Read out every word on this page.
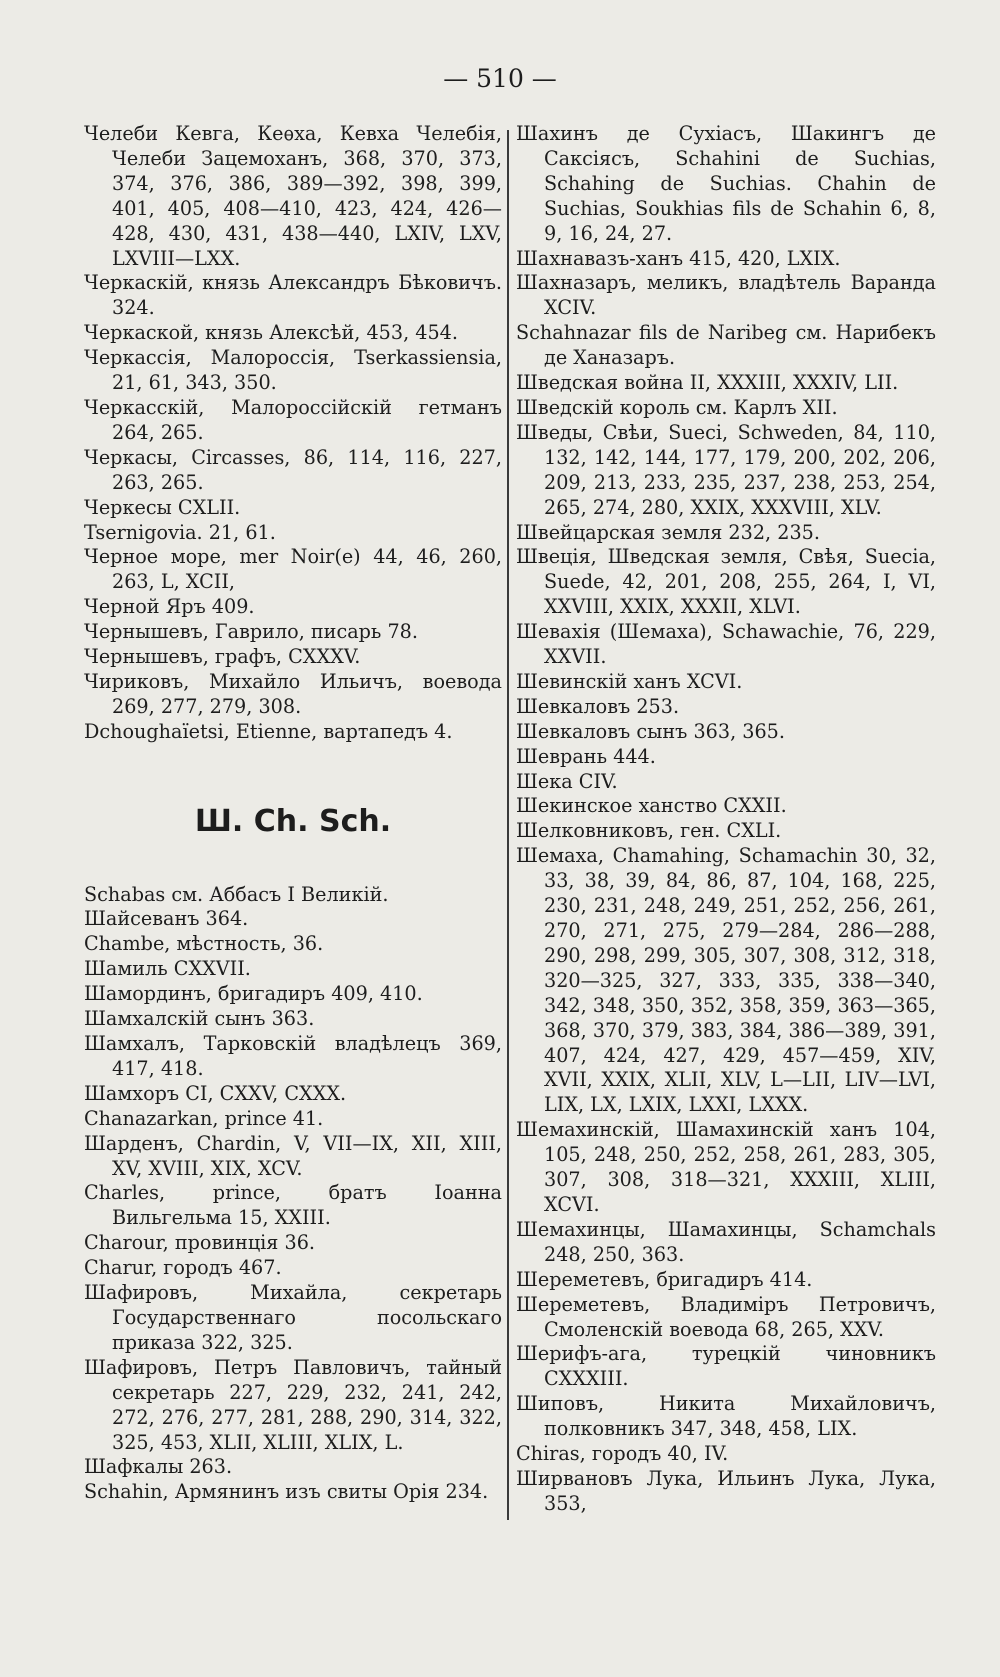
— 510 —
Челеби Кевга, Кеѳха, Кевха Челебія, Челеби Зацемоханъ, 368, 370, 373, 374, 376, 386, 389—392, 398, 399, 401, 405, 408—410, 423, 424, 426—428, 430, 431, 438—440, LXIV, LXV, LXVIII—LXX.
Черкаскій, князь Александръ Бѣковичъ. 324.
Черкаской, князь Алексѣй, 453, 454.
Черкассія, Малороссія, Tserkassiensia, 21, 61, 343, 350.
Черкасскій, Малороссійскій гетманъ 264, 265.
Черкасы, Circasses, 86, 114, 116, 227, 263, 265.
Черкесы CXLII.
Tsernigovia. 21, 61.
Черное море, mer Noir(e) 44, 46, 260, 263, L, XCII,
Черной Яръ 409.
Чернышевъ, Гаврило, писарь 78.
Чернышевъ, графъ, CXXXV.
Чириковъ, Михайло Ильичъ, воевода 269, 277, 279, 308.
Dchoughaïetsi, Etienne, вартапедъ 4.
Ш. Ch. Sch.
Schabas см. Аббасъ I Великій.
Шайсеванъ 364.
Chambe, мѣстность, 36.
Шамиль CXXVII.
Шамординъ, бригадиръ 409, 410.
Шамхалскій сынъ 363.
Шамхалъ, Тарковскій владѣлецъ 369, 417, 418.
Шамхоръ CI, CXXV, CXXX.
Chanazarkan, prince 41.
Шарденъ, Chardin, V, VII—IX, XII, XIII, XV, XVIII, XIX, XCV.
Charles, prince, братъ Іоанна Вильгельма 15, XXIII.
Charour, провинція 36.
Charur, городъ 467.
Шафировъ, Михайла, секретарь Государственнаго посольскаго приказа 322, 325.
Шафировъ, Петръ Павловичъ, тайный секретарь 227, 229, 232, 241, 242, 272, 276, 277, 281, 288, 290, 314, 322, 325, 453, XLII, XLIII, XLIX, L.
Шафкалы 263.
Schahin, Армянинъ изъ свиты Орія 234.
Шахинъ де Сухіасъ, Шакингъ де Саксіясъ, Schahini de Suchias, Schahing de Suchias. Chahin de Suchias, Soukhias fils de Schahin 6, 8, 9, 16, 24, 27.
Шахнавазъ-ханъ 415, 420, LXIX.
Шахназаръ, меликъ, владѣтель Варанда XCIV.
Schahnazar fils de Naribeg см. Нарибекъ де Ханазаръ.
Шведская война II, XXXIII, XXXIV, LII.
Шведскій король см. Карлъ XII.
Шведы, Свѣи, Sueci, Schweden, 84, 110, 132, 142, 144, 177, 179, 200, 202, 206, 209, 213, 233, 235, 237, 238, 253, 254, 265, 274, 280, XXIX, XXXVIII, XLV.
Швейцарская земля 232, 235.
Швеція, Шведская земля, Свѣя, Suecia, Suede, 42, 201, 208, 255, 264, I, VI, XXVIII, XXIX, XXXII, XLVI.
Шевахія (Шемаха), Schawachie, 76, 229, XXVII.
Шевинскій ханъ XCVI.
Шевкаловъ 253.
Шевкаловъ сынъ 363, 365.
Шеврань 444.
Шека CIV.
Шекинское ханство CXXII.
Шелковниковъ, ген. CXLI.
Шемаха, Chamahing, Schamachin 30, 32, 33, 38, 39, 84, 86, 87, 104, 168, 225, 230, 231, 248, 249, 251, 252, 256, 261, 270, 271, 275, 279—284, 286—288, 290, 298, 299, 305, 307, 308, 312, 318, 320—325, 327, 333, 335, 338—340, 342, 348, 350, 352, 358, 359, 363—365, 368, 370, 379, 383, 384, 386—389, 391, 407, 424, 427, 429, 457—459, XIV, XVII, XXIX, XLII, XLV, L—LII, LIV—LVI, LIX, LX, LXIX, LXXI, LXXX.
Шемахинскій, Шамахинскій ханъ 104, 105, 248, 250, 252, 258, 261, 283, 305, 307, 308, 318—321, XXXIII, XLIII, XCVI.
Шемахинцы, Шамахинцы, Schamchals 248, 250, 363.
Шереметевъ, бригадиръ 414.
Шереметевъ, Владиміръ Петровичъ, Смоленскій воевода 68, 265, XXV.
Шерифъ-ага, турецкій чиновникъ CXXXIII.
Шиповъ, Никита Михайловичъ, полковникъ 347, 348, 458, LIX.
Chiras, городъ 40, IV.
Ширвановъ Лука, Ильинъ Лука, Лука, 353,
